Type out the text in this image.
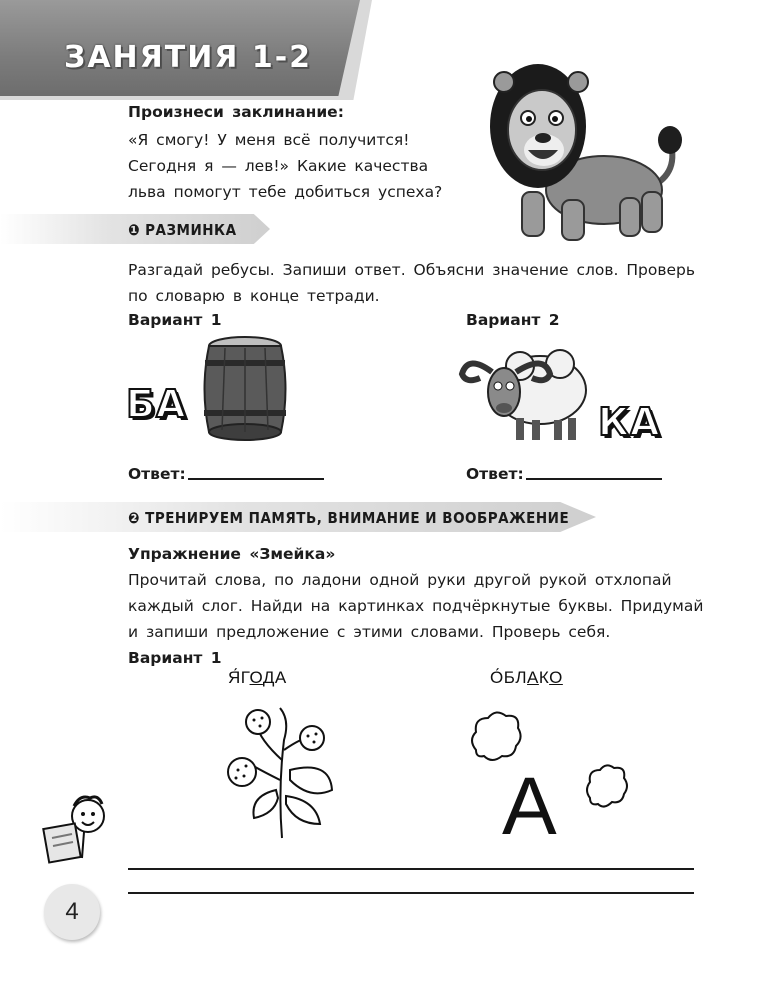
ЗАНЯТИЯ 1-2
Произнеси заклинание:
«Я смогу! У меня всё получится!
Сегодня я — лев!» Какие качества
льва помогут тебе добиться успеха?
❶ РАЗМИНКА
Разгадай ребусы. Запиши ответ. Объясни значение слов. Проверь
по словарю в конце тетради.
Вариант 1	Вариант 2
БА	КА
Ответ:	Ответ:
❷ ТРЕНИРУЕМ ПАМЯТЬ, ВНИМАНИЕ И ВООБРАЖЕНИЕ
Упражнение «Змейка»
Прочитай слова, по ладони одной руки другой рукой отхлопай
каждый слог. Найди на картинках подчёркнутые буквы. Придумай
и запиши предложение с этими словами. Проверь себя.
Вариант 1
Я́ГОДА	О́БЛАКО
А
4
